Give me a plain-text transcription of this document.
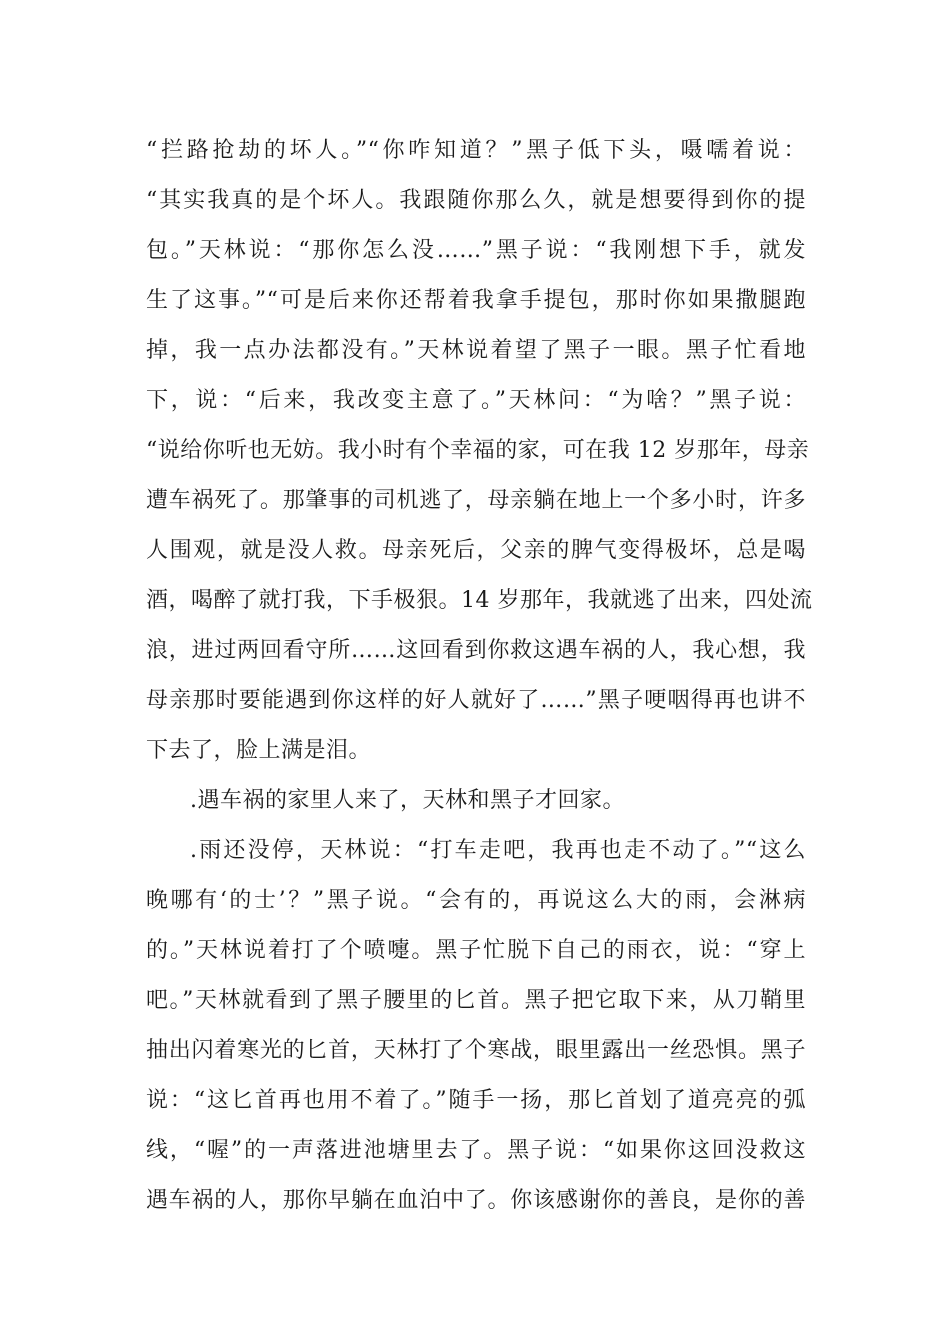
“拦路抢劫的坏人。”“你咋知道？”黑子低下头，嗫嚅着说：
“其实我真的是个坏人。我跟随你那么久，就是想要得到你的提
包。”天林说：“那你怎么没……”黑子说：“我刚想下手，就发
生了这事。”“可是后来你还帮着我拿手提包，那时你如果撒腿跑
掉，我一点办法都没有。”天林说着望了黑子一眼。黑子忙看地
下，说：“后来，我改变主意了。”天林问：“为啥？”黑子说：
“说给你听也无妨。我小时有个幸福的家，可在我 12 岁那年，母亲
遭车祸死了。那肇事的司机逃了，母亲躺在地上一个多小时，许多
人围观，就是没人救。母亲死后，父亲的脾气变得极坏，总是喝
酒，喝醉了就打我，下手极狠。14 岁那年，我就逃了出来，四处流
浪，进过两回看守所……这回看到你救这遇车祸的人，我心想，我
母亲那时要能遇到你这样的好人就好了……”黑子哽咽得再也讲不
下去了，脸上满是泪。
.遇车祸的家里人来了，天林和黑子才回家。
.雨还没停，天林说：“打车走吧，我再也走不动了。”“这么
晚哪有‘的士’？”黑子说。“会有的，再说这么大的雨，会淋病
的。”天林说着打了个喷嚏。黑子忙脱下自己的雨衣，说：“穿上
吧。”天林就看到了黑子腰里的匕首。黑子把它取下来，从刀鞘里
抽出闪着寒光的匕首，天林打了个寒战，眼里露出一丝恐惧。黑子
说：“这匕首再也用不着了。”随手一扬，那匕首划了道亮亮的弧
线，“喔”的一声落进池塘里去了。黑子说：“如果你这回没救这
遇车祸的人，那你早躺在血泊中了。你该感谢你的善良，是你的善
